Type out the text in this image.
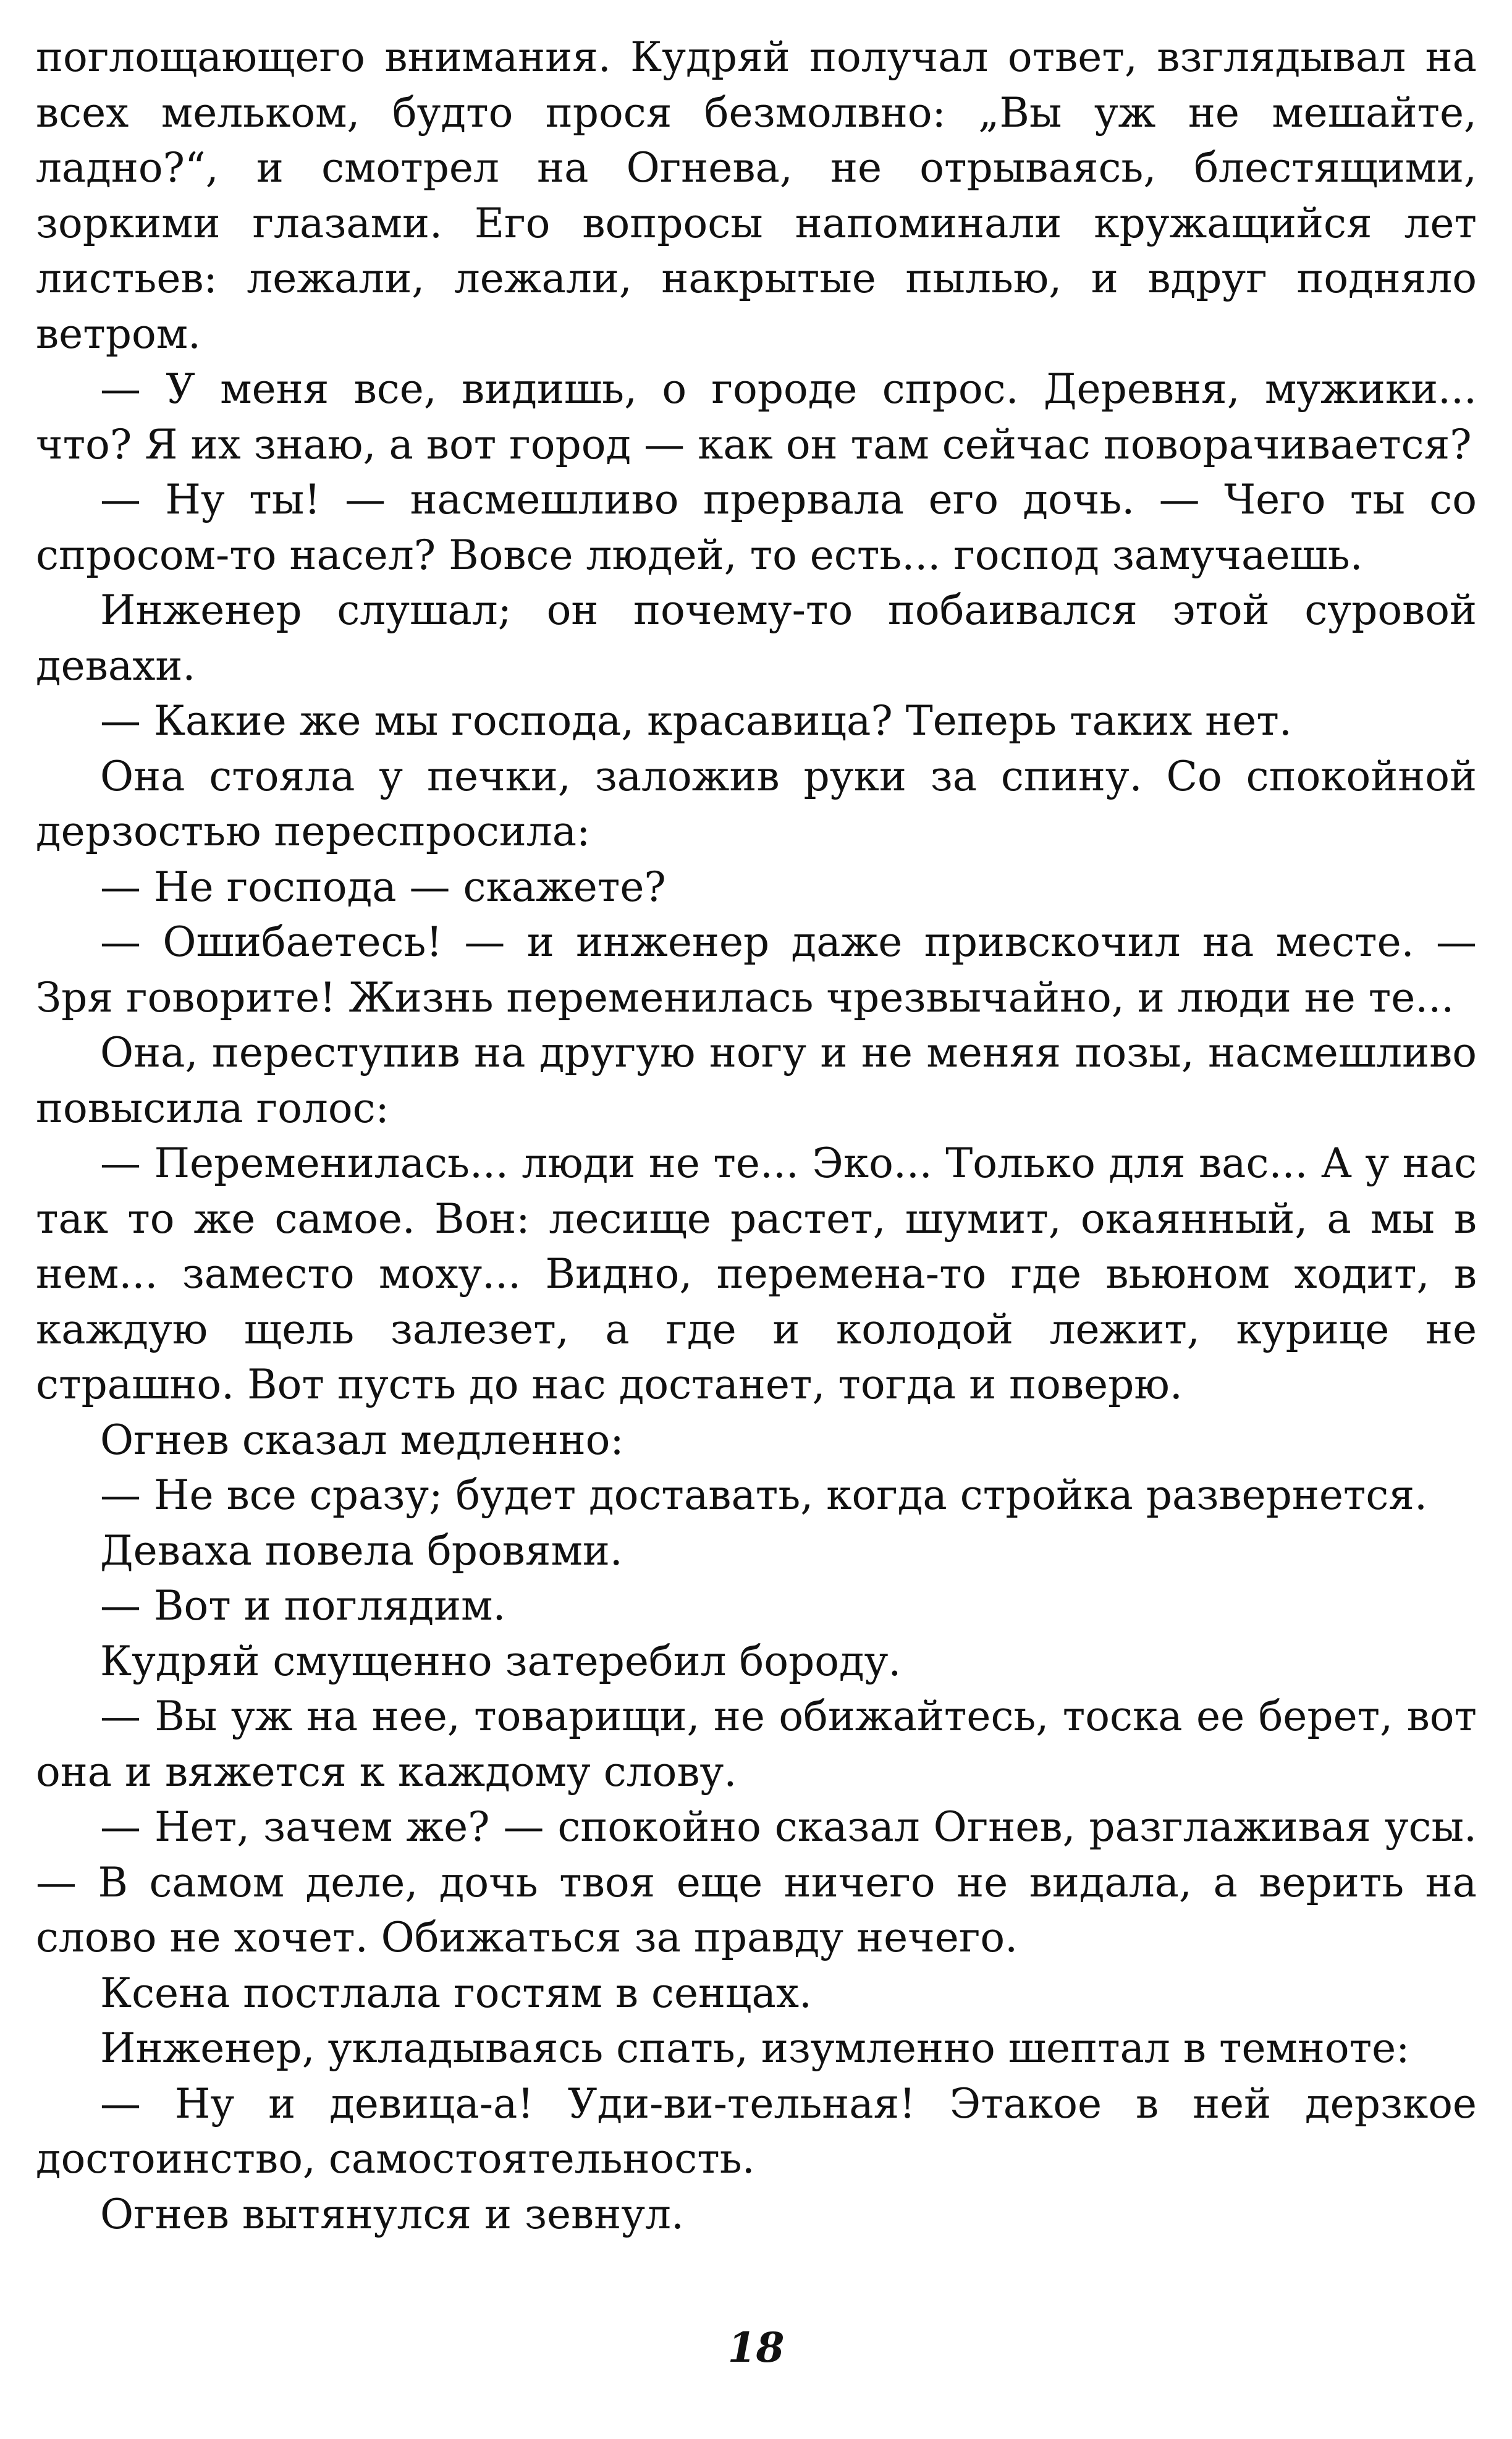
поглощающего внимания. Кудряй получал ответ, взглядывал на всех мельком, будто прося безмолвно: „Вы уж не мешайте, ладно?“, и смотрел на Огнева, не отрываясь, блестящими, зоркими глазами. Его вопросы напоминали кружащийся лет листьев: лежали, лежали, накрытые пылью, и вдруг подняло ветром.

— У меня все, видишь, о городе спрос. Деревня, мужики... что? Я их знаю, а вот город — как он там сейчас поворачивается?

— Ну ты! — насмешливо прервала его дочь. — Чего ты со спросом-то насел? Вовсе людей, то есть... господ замучаешь.

Инженер слушал; он почему-то побаивался этой суровой девахи.

— Какие же мы господа, красавица? Теперь таких нет.

Она стояла у печки, заложив руки за спину. Со спокойной дерзостью переспросила:

— Не господа — скажете?

— Ошибаетесь! — и инженер даже привскочил на месте. — Зря говорите! Жизнь переменилась чрезвычайно, и люди не те...

Она, переступив на другую ногу и не меняя позы, насмешливо повысила голос:

— Переменилась... люди не те... Эко... Только для вас... А у нас так то же самое. Вон: лесище растет, шумит, окаянный, а мы в нем... заместо моху... Видно, перемена-то где вьюном ходит, в каждую щель залезет, а где и колодой лежит, курице не страшно. Вот пусть до нас достанет, тогда и поверю.

Огнев сказал медленно:

— Не все сразу; будет доставать, когда стройка развернется.

Деваха повела бровями.

— Вот и поглядим.

Кудряй смущенно затеребил бороду.

— Вы уж на нее, товарищи, не обижайтесь, тоска ее берет, вот она и вяжется к каждому слову.

— Нет, зачем же? — спокойно сказал Огнев, разглаживая усы. — В самом деле, дочь твоя еще ничего не видала, а верить на слово не хочет. Обижаться за правду нечего.

Ксена постлала гостям в сенцах.

Инженер, укладываясь спать, изумленно шептал в темноте:

— Ну и девица-а! Уди-ви-тельная! Этакое в ней дерзкое достоинство, самостоятельность.

Огнев вытянулся и зевнул.

18
